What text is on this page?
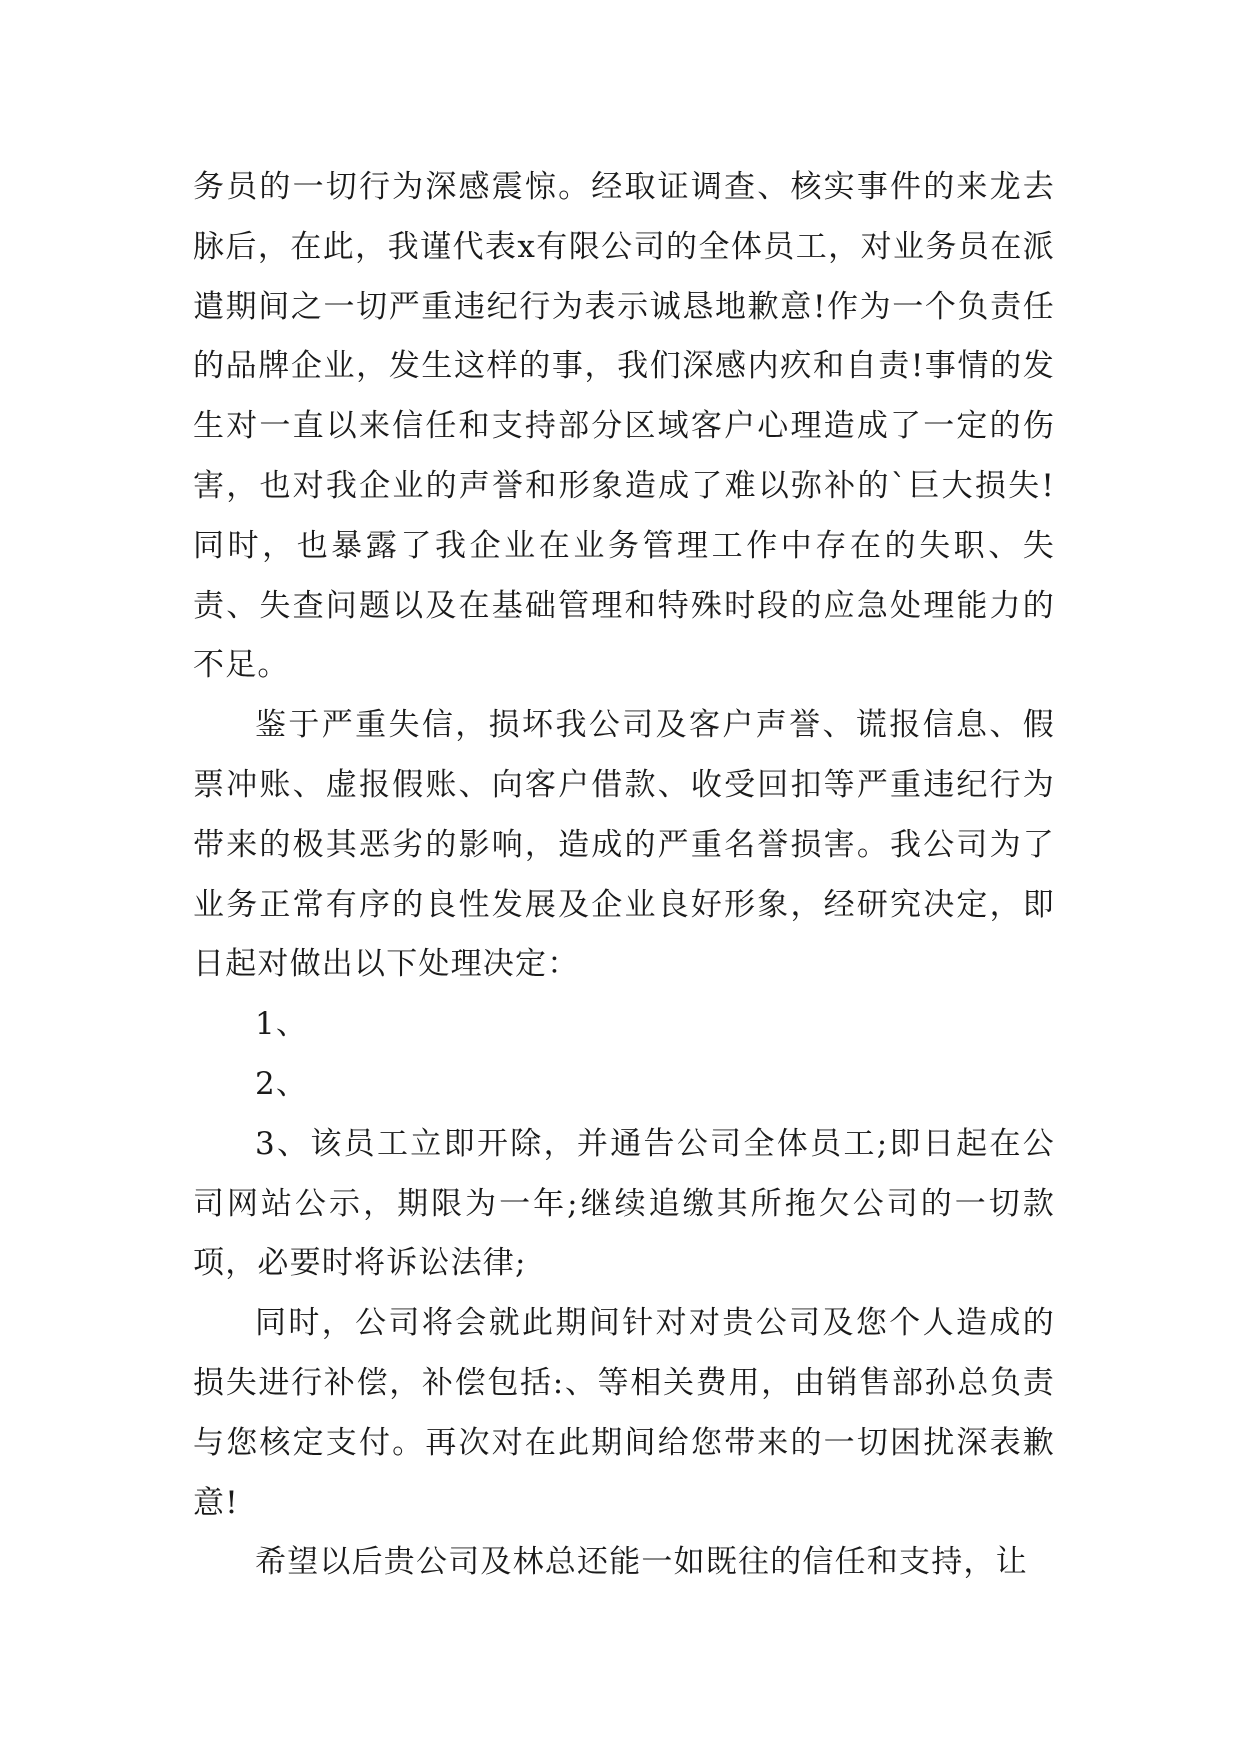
务员的一切行为深感震惊。经取证调查、核实事件的来龙去脉后，在此，我谨代表x有限公司的全体员工，对业务员在派遣期间之一切严重违纪行为表示诚恳地歉意!作为一个负责任的品牌企业，发生这样的事，我们深感内疚和自责!事情的发生对一直以来信任和支持部分区域客户心理造成了一定的伤害，也对我企业的声誉和形象造成了难以弥补的`巨大损失!同时，也暴露了我企业在业务管理工作中存在的失职、失责、失查问题以及在基础管理和特殊时段的应急处理能力的不足。

鉴于严重失信，损坏我公司及客户声誉、谎报信息、假票冲账、虚报假账、向客户借款、收受回扣等严重违纪行为带来的极其恶劣的影响，造成的严重名誉损害。我公司为了业务正常有序的良性发展及企业良好形象，经研究决定，即日起对做出以下处理决定：

1、

2、

3、该员工立即开除，并通告公司全体员工;即日起在公司网站公示，期限为一年;继续追缴其所拖欠公司的一切款项，必要时将诉讼法律;

同时，公司将会就此期间针对对贵公司及您个人造成的损失进行补偿，补偿包括:、等相关费用，由销售部孙总负责与您核定支付。再次对在此期间给您带来的一切困扰深表歉意!

希望以后贵公司及林总还能一如既往的信任和支持，让
